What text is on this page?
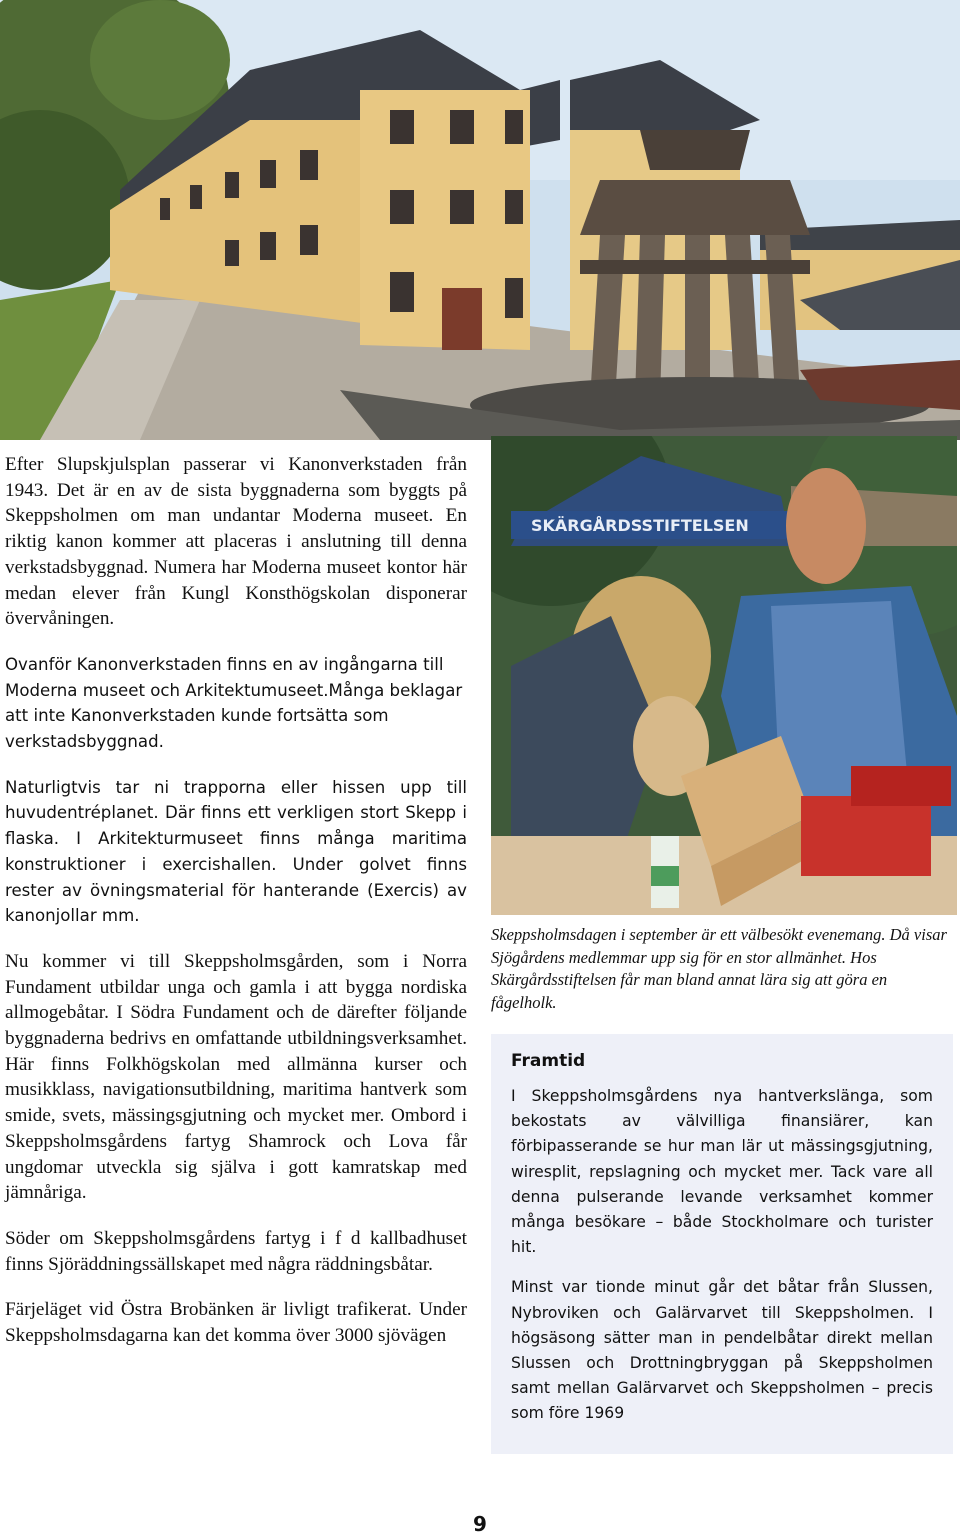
SKÄRGÅRDSSTIFTELSEN

Efter Slupskjulsplan passerar vi Kanonverkstaden från 1943. Det är en av de sista byggnaderna som byggts på Skeppsholmen om man undantar Moderna museet. En riktig kanon kommer att placeras i anslutning till denna verkstadsbyggnad. Numera har Moderna museet kontor här medan elever från Kungl Konsthögskolan disponerar övervåningen.

Ovanför Kanonverkstaden finns en av ingångarna till Moderna museet och Arkitektumuseet.Många beklagar att inte Kanonverkstaden kunde fortsätta som verkstadsbyggnad.

Naturligtvis tar ni trapporna eller hissen upp till huvudentréplanet. Där finns ett verkligen stort Skepp i flaska. I Arkitekturmuseet finns många maritima konstruktioner i exercishallen. Under golvet finns rester av övningsmaterial för hanterande (Exercis) av kanonjollar mm.

Nu kommer vi till Skeppsholmsgården, som i Norra Fundament utbildar unga och gamla i att bygga nordiska allmogebåtar. I Södra Fundament och de därefter följande byggnaderna bedrivs en omfattande utbildningsverksamhet. Här finns Folkhögskolan med allmänna kurser och musikklass, navigationsutbildning, maritima hantverk som smide, svets, mässingsgjutning och mycket mer. Ombord i Skeppsholmsgårdens fartyg Shamrock och Lova får ungdomar utveckla sig själva i gott kamratskap med jämnåriga.

Söder om Skeppsholmsgårdens fartyg i f d kallbadhuset finns Sjöräddningssällskapet med några räddningsbåtar.

Färjeläget vid Östra Brobänken är livligt trafikerat. Under Skeppsholmsdagarna kan det komma över 3000 sjövägen

Skeppsholmsdagen i september är ett välbesökt evenemang. Då visar Sjögårdens medlemmar upp sig för en stor allmänhet. Hos Skärgårdsstiftelsen får man bland annat lära sig att göra en fågelholk.
Framtid

I Skeppsholmsgårdens nya hantverkslänga, som bekostats av välvilliga finansiärer, kan förbipasserande se hur man lär ut mässingsgjutning, wiresplit, repslagning och mycket mer. Tack vare all denna pulserande levande verksamhet kommer många besökare – både Stockholmare och turister hit.

Minst var tionde minut går det båtar från Slussen, Nybroviken och Galärvarvet till Skeppsholmen. I högsäsong sätter man in pendelbåtar direkt mellan Slussen och Drottningbryggan på Skeppsholmen samt mellan Galärvarvet och Skeppsholmen – precis som före 1969

9
